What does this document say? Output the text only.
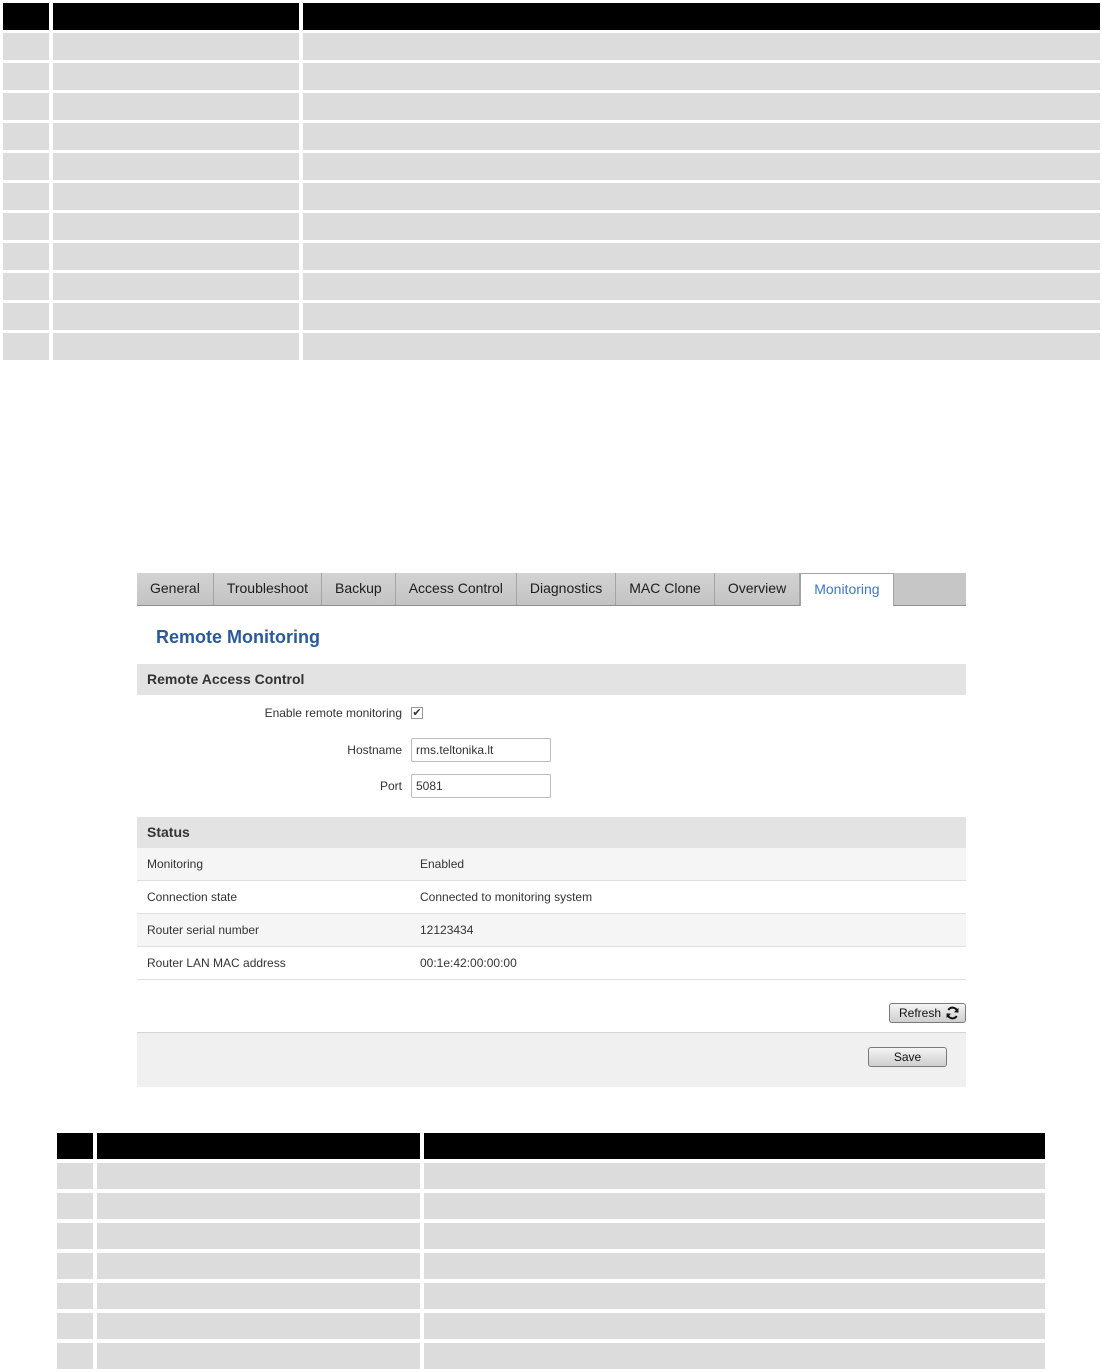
General	Troubleshoot	Backup	Access Control	Diagnostics	MAC Clone	Overview	Monitoring
Remote Monitoring
Remote Access Control
Enable remote monitoring ✔
Hostname
rms.teltonika.lt
Port
5081
Status
Monitoring	Enabled
Connection state	Connected to monitoring system
Router serial number	12123434
Router LAN MAC address	00:1e:42:00:00:00
Refresh
Save
